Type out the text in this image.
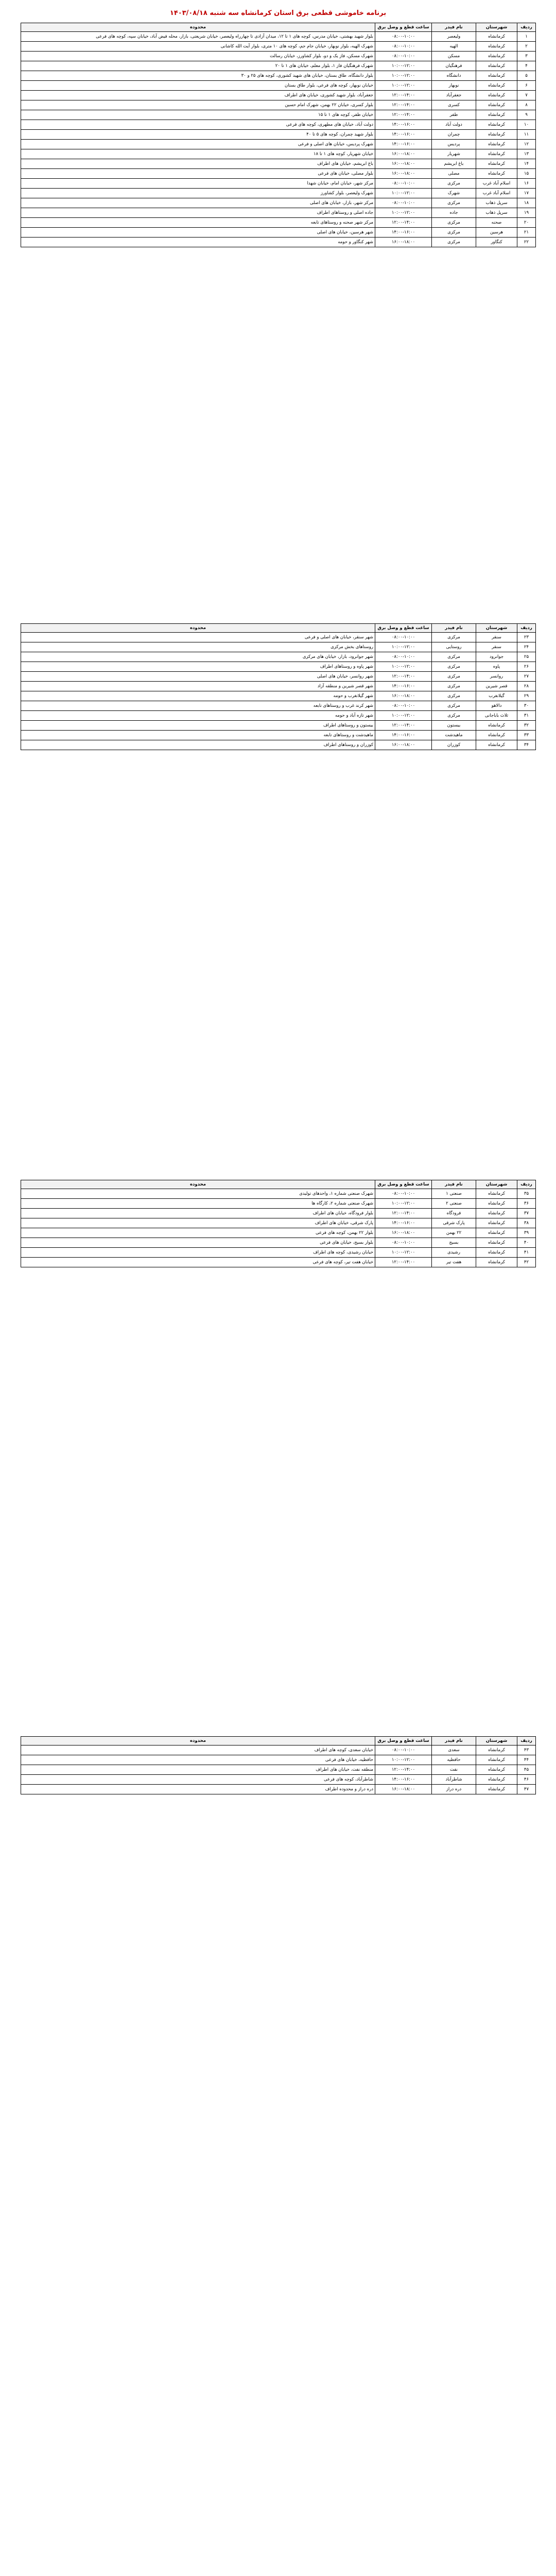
برنامه خاموشی قطعی برق استان کرمانشاه سه شنبه ۱۴۰۳/۰۸/۱۸
ردیف	شهرستان	نام فیدر	ساعت قطع و وصل برق	محدوده
۱	کرمانشاه	ولیعصر	۰۸:۰۰-۱۰:۰۰	بلوار شهید بهشتی، خیابان مدرس، کوچه های ۱ تا ۱۲، میدان آزادی تا چهارراه ولیعصر، خیابان شریعتی، بازار، محله فیض آباد، خیابان سپه، کوچه های فرعی
۲	کرمانشاه	الهیه	۰۸:۰۰-۱۰:۰۰	شهرک الهیه، بلوار نوبهار، خیابان جام جم، کوچه های ۱۰ متری، بلوار آیت الله کاشانی
۳	کرمانشاه	مسکن	۰۸:۰۰-۱۰:۰۰	شهرک مسکن، فاز یک و دو، بلوار کشاورز، خیابان رسالت
۴	کرمانشاه	فرهنگیان	۱۰:۰۰-۱۲:۰۰	شهرک فرهنگیان فاز ۱، بلوار معلم، خیابان های ۱ تا ۲۰
۵	کرمانشاه	دانشگاه	۱۰:۰۰-۱۲:۰۰	بلوار دانشگاه، طاق بستان، خیابان های شهید کشوری، کوچه های ۲۵ و ۳۰
۶	کرمانشاه	نوبهار	۱۰:۰۰-۱۲:۰۰	خیابان نوبهار، کوچه های فرعی، بلوار طاق بستان
۷	کرمانشاه	جعفرآباد	۱۲:۰۰-۱۴:۰۰	جعفرآباد، بلوار شهید کشوری، خیابان های اطراف
۸	کرمانشاه	کسری	۱۲:۰۰-۱۴:۰۰	بلوار کسری، خیابان ۲۲ بهمن، شهرک امام حسین
۹	کرمانشاه	ظفر	۱۲:۰۰-۱۴:۰۰	خیابان ظفر، کوچه های ۱ تا ۱۵
۱۰	کرمانشاه	دولت آباد	۱۴:۰۰-۱۶:۰۰	دولت آباد، خیابان های مطهری، کوچه های فرعی
۱۱	کرمانشاه	چمران	۱۴:۰۰-۱۶:۰۰	بلوار شهید چمران، کوچه های ۵ تا ۴۰
۱۲	کرمانشاه	پردیس	۱۴:۰۰-۱۶:۰۰	شهرک پردیس، خیابان های اصلی و فرعی
۱۳	کرمانشاه	شهریار	۱۶:۰۰-۱۸:۰۰	خیابان شهریار، کوچه های ۱ تا ۱۸
۱۴	کرمانشاه	باغ ابریشم	۱۶:۰۰-۱۸:۰۰	باغ ابریشم، خیابان های اطراف
۱۵	کرمانشاه	مصلی	۱۶:۰۰-۱۸:۰۰	بلوار مصلی، خیابان های فرعی
۱۶	اسلام آباد غرب	مرکزی	۰۸:۰۰-۱۰:۰۰	مرکز شهر، خیابان امام، خیابان شهدا
۱۷	اسلام آباد غرب	شهرک	۱۰:۰۰-۱۲:۰۰	شهرک ولیعصر، بلوار کشاورز
۱۸	سرپل ذهاب	مرکزی	۰۸:۰۰-۱۰:۰۰	مرکز شهر، بازار، خیابان های اصلی
۱۹	سرپل ذهاب	جاده	۱۰:۰۰-۱۲:۰۰	جاده اصلی و روستاهای اطراف
۲۰	صحنه	مرکزی	۱۲:۰۰-۱۴:۰۰	مرکز شهر صحنه و روستاهای تابعه
۲۱	هرسین	مرکزی	۱۴:۰۰-۱۶:۰۰	شهر هرسین، خیابان های اصلی
۲۲	کنگاور	مرکزی	۱۶:۰۰-۱۸:۰۰	شهر کنگاور و حومه
ردیف	شهرستان	نام فیدر	ساعت قطع و وصل برق	محدوده
۲۳	سنقر	مرکزی	۰۸:۰۰-۱۰:۰۰	شهر سنقر، خیابان های اصلی و فرعی
۲۴	سنقر	روستایی	۱۰:۰۰-۱۲:۰۰	روستاهای بخش مرکزی
۲۵	جوانرود	مرکزی	۰۸:۰۰-۱۰:۰۰	شهر جوانرود، بازار، خیابان های مرکزی
۲۶	پاوه	مرکزی	۱۰:۰۰-۱۲:۰۰	شهر پاوه و روستاهای اطراف
۲۷	روانسر	مرکزی	۱۲:۰۰-۱۴:۰۰	شهر روانسر، خیابان های اصلی
۲۸	قصر شیرین	مرکزی	۱۴:۰۰-۱۶:۰۰	شهر قصر شیرین و منطقه آزاد
۲۹	گیلانغرب	مرکزی	۱۶:۰۰-۱۸:۰۰	شهر گیلانغرب و حومه
۳۰	دالاهو	مرکزی	۰۸:۰۰-۱۰:۰۰	شهر کرند غرب و روستاهای تابعه
۳۱	ثلاث باباجانی	مرکزی	۱۰:۰۰-۱۲:۰۰	شهر تازه آباد و حومه
۳۲	کرمانشاه	بیستون	۱۲:۰۰-۱۴:۰۰	بیستون و روستاهای اطراف
۳۳	کرمانشاه	ماهیدشت	۱۴:۰۰-۱۶:۰۰	ماهیدشت و روستاهای تابعه
۳۴	کرمانشاه	کوزران	۱۶:۰۰-۱۸:۰۰	کوزران و روستاهای اطراف
ردیف	شهرستان	نام فیدر	ساعت قطع و وصل برق	محدوده
۳۵	کرمانشاه	صنعتی ۱	۰۸:۰۰-۱۰:۰۰	شهرک صنعتی شماره ۱، واحدهای تولیدی
۳۶	کرمانشاه	صنعتی ۲	۱۰:۰۰-۱۲:۰۰	شهرک صنعتی شماره ۲، کارگاه ها
۳۷	کرمانشاه	فرودگاه	۱۲:۰۰-۱۴:۰۰	بلوار فرودگاه، خیابان های اطراف
۳۸	کرمانشاه	پارک شرقی	۱۴:۰۰-۱۶:۰۰	پارک شرقی، خیابان های اطراف
۳۹	کرمانشاه	۲۲ بهمن	۱۶:۰۰-۱۸:۰۰	بلوار ۲۲ بهمن، کوچه های فرعی
۴۰	کرمانشاه	بسیج	۰۸:۰۰-۱۰:۰۰	بلوار بسیج، خیابان های فرعی
۴۱	کرمانشاه	رشیدی	۱۰:۰۰-۱۲:۰۰	خیابان رشیدی، کوچه های اطراف
۴۲	کرمانشاه	هفت تیر	۱۲:۰۰-۱۴:۰۰	خیابان هفت تیر، کوچه های فرعی
ردیف	شهرستان	نام فیدر	ساعت قطع و وصل برق	محدوده
۴۳	کرمانشاه	سعدی	۰۸:۰۰-۱۰:۰۰	خیابان سعدی، کوچه های اطراف
۴۴	کرمانشاه	حافظیه	۱۰:۰۰-۱۲:۰۰	حافظیه، خیابان های فرعی
۴۵	کرمانشاه	نفت	۱۲:۰۰-۱۴:۰۰	منطقه نفت، خیابان های اطراف
۴۶	کرمانشاه	شاطرآباد	۱۴:۰۰-۱۶:۰۰	شاطرآباد، کوچه های فرعی
۴۷	کرمانشاه	دره دراز	۱۶:۰۰-۱۸:۰۰	دره دراز و محدوده اطراف
